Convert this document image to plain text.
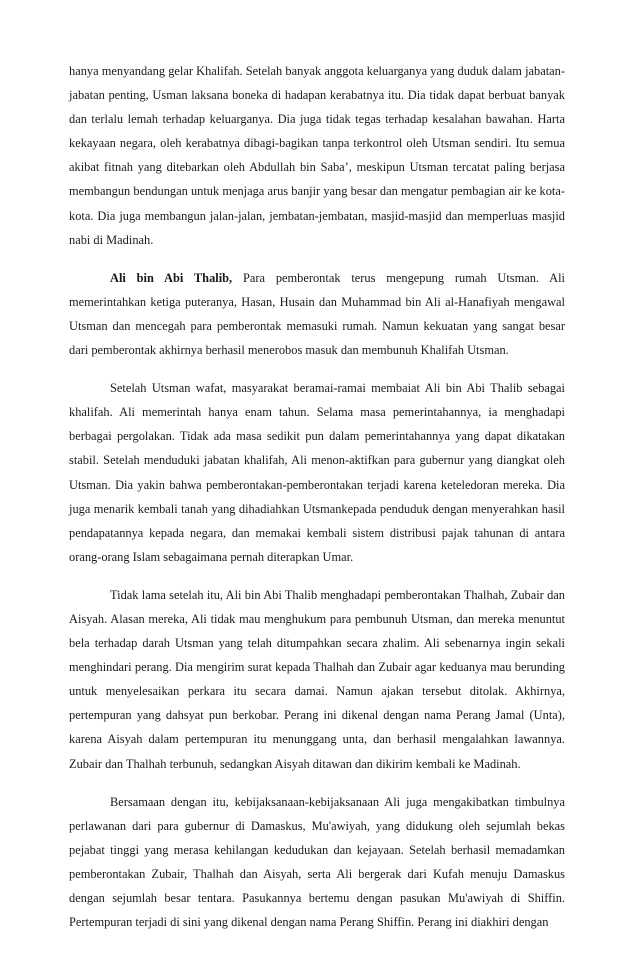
hanya menyandang gelar Khalifah. Setelah banyak anggota keluarganya yang duduk dalam jabatan-jabatan penting, Usman laksana boneka di hadapan kerabatnya itu. Dia tidak dapat berbuat banyak dan terlalu lemah terhadap keluarganya. Dia juga tidak tegas terhadap kesalahan bawahan. Harta kekayaan negara, oleh kerabatnya dibagi-bagikan tanpa terkontrol oleh Utsman sendiri. Itu semua akibat fitnah yang ditebarkan oleh Abdullah bin Saba’, meskipun Utsman tercatat paling berjasa membangun bendungan untuk menjaga arus banjir yang besar dan mengatur pembagian air ke kota-kota. Dia juga membangun jalan-jalan, jembatan-jembatan, masjid-masjid dan memperluas masjid nabi di Madinah.

Ali bin Abi Thalib, Para pemberontak terus mengepung rumah Utsman. Ali memerintahkan ketiga puteranya, Hasan, Husain dan Muhammad bin Ali al-Hanafiyah mengawal Utsman dan mencegah para pemberontak memasuki rumah. Namun kekuatan yang sangat besar dari pemberontak akhirnya berhasil menerobos masuk dan membunuh Khalifah Utsman.

Setelah Utsman wafat, masyarakat beramai-ramai membaiat Ali bin Abi Thalib sebagai khalifah. Ali memerintah hanya enam tahun. Selama masa pemerintahannya, ia menghadapi berbagai pergolakan. Tidak ada masa sedikit pun dalam pemerintahannya yang dapat dikatakan stabil. Setelah menduduki jabatan khalifah, Ali menon-aktifkan para gubernur yang diangkat oleh Utsman. Dia yakin bahwa pemberontakan-pemberontakan terjadi karena keteledoran mereka. Dia juga menarik kembali tanah yang dihadiahkan Utsmankepada penduduk dengan menyerahkan hasil pendapatannya kepada negara, dan memakai kembali sistem distribusi pajak tahunan di antara orang-orang Islam sebagaimana pernah diterapkan Umar.

Tidak lama setelah itu, Ali bin Abi Thalib menghadapi pemberontakan Thalhah, Zubair dan Aisyah. Alasan mereka, Ali tidak mau menghukum para pembunuh Utsman, dan mereka menuntut bela terhadap darah Utsman yang telah ditumpahkan secara zhalim. Ali sebenarnya ingin sekali menghindari perang. Dia mengirim surat kepada Thalhah dan Zubair agar keduanya mau berunding untuk menyelesaikan perkara itu secara damai. Namun ajakan tersebut ditolak. Akhirnya, pertempuran yang dahsyat pun berkobar. Perang ini dikenal dengan nama Perang Jamal (Unta), karena Aisyah dalam pertempuran itu menunggang unta, dan berhasil mengalahkan lawannya. Zubair dan Thalhah terbunuh, sedangkan Aisyah ditawan dan dikirim kembali ke Madinah.

Bersamaan dengan itu, kebijaksanaan-kebijaksanaan Ali juga mengakibatkan timbulnya perlawanan dari para gubernur di Damaskus, Mu'awiyah, yang didukung oleh sejumlah bekas pejabat tinggi yang merasa kehilangan kedudukan dan kejayaan. Setelah berhasil memadamkan pemberontakan Zubair, Thalhah dan Aisyah, serta Ali bergerak dari Kufah menuju Damaskus dengan sejumlah besar tentara. Pasukannya bertemu dengan pasukan Mu'awiyah di Shiffin. Pertempuran terjadi di sini yang dikenal dengan nama Perang Shiffin. Perang ini diakhiri dengan
